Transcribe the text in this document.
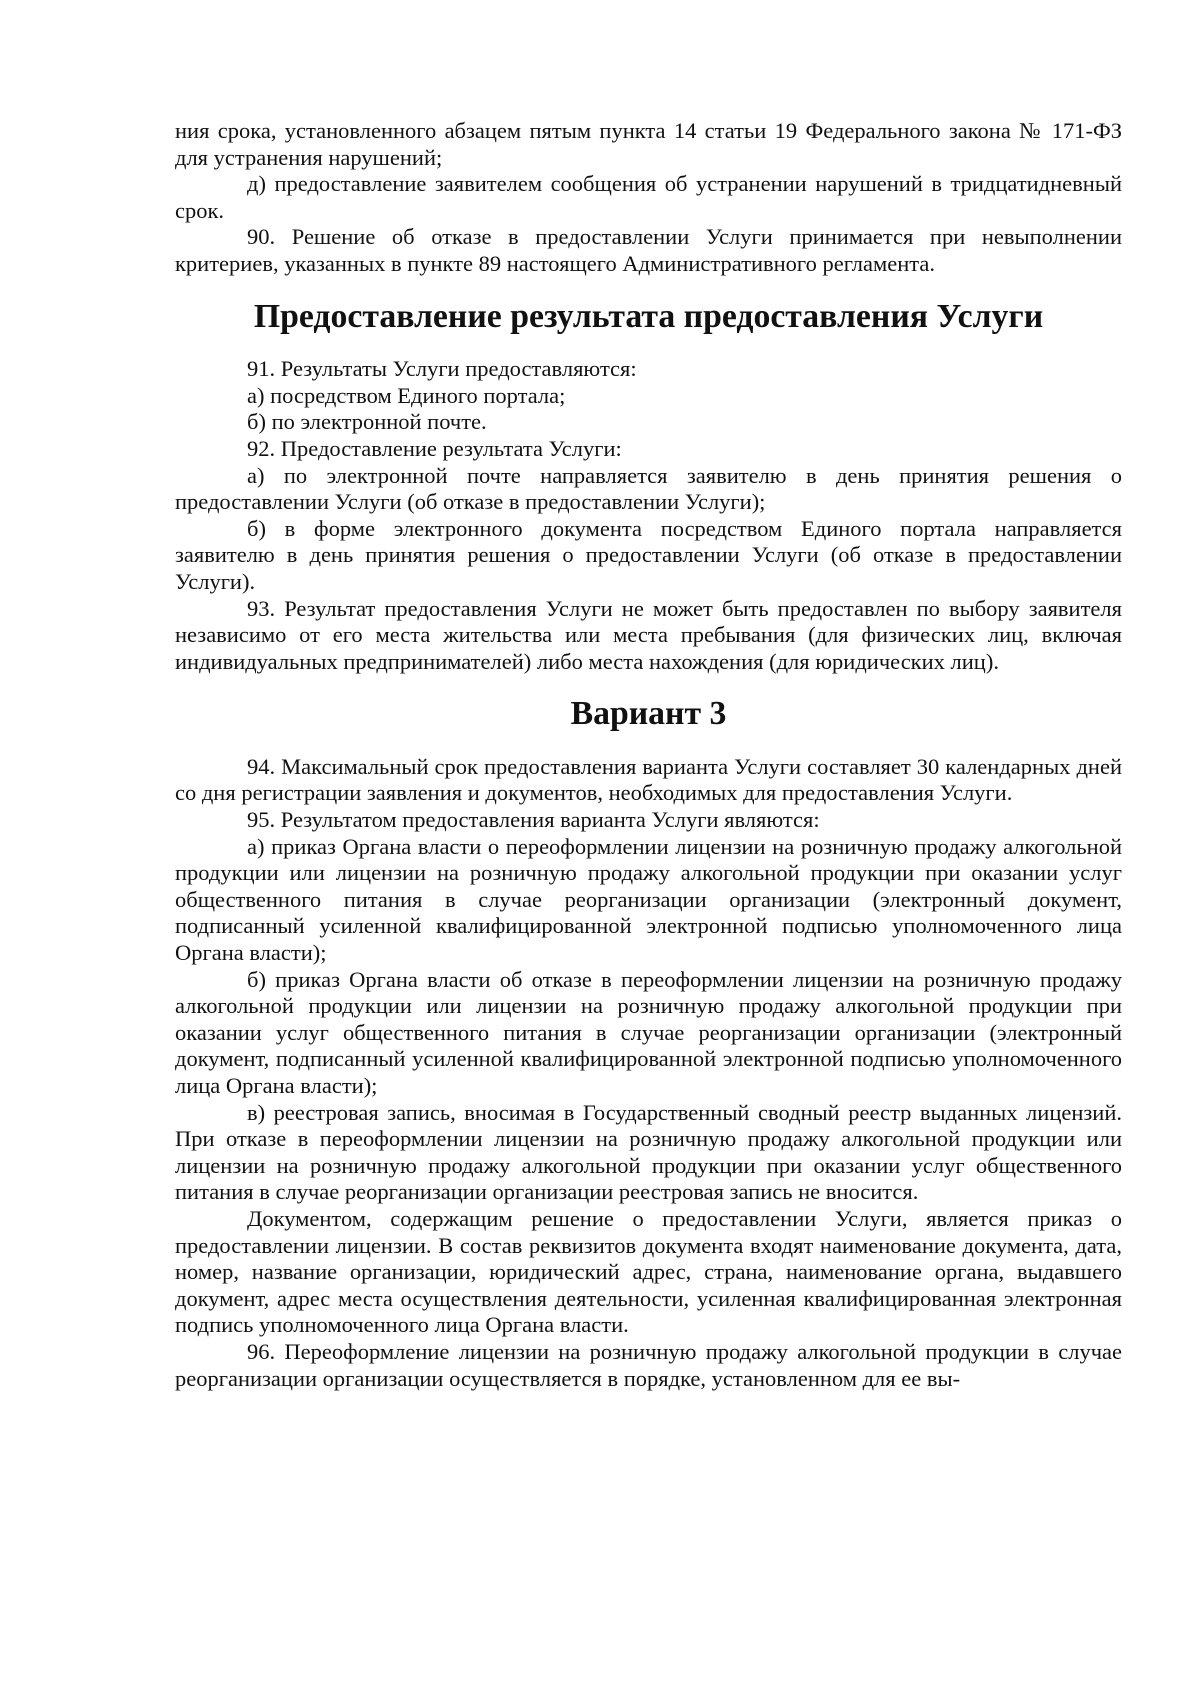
ния срока, установленного абзацем пятым пункта 14 статьи 19 Федерального закона № 171-ФЗ для устранения нарушений;

д) предоставление заявителем сообщения об устранении нарушений в тридцатидневный срок.

90. Решение об отказе в предоставлении Услуги принимается при невыполнении критериев, указанных в пункте 89 настоящего Административного регламента.

Предоставление результата предоставления Услуги

91. Результаты Услуги предоставляются:

а) посредством Единого портала;

б) по электронной почте.

92. Предоставление результата Услуги:

а) по электронной почте направляется заявителю в день принятия решения о предоставлении Услуги (об отказе в предоставлении Услуги);

б) в форме электронного документа посредством Единого портала направляется заявителю в день принятия решения о предоставлении Услуги (об отказе в предоставлении Услуги).

93. Результат предоставления Услуги не может быть предоставлен по выбору заявителя независимо от его места жительства или места пребывания (для физических лиц, включая индивидуальных предпринимателей) либо места нахождения (для юридических лиц).

Вариант 3

94. Максимальный срок предоставления варианта Услуги составляет 30 календарных дней со дня регистрации заявления и документов, необходимых для предоставления Услуги.

95. Результатом предоставления варианта Услуги являются:

а) приказ Органа власти о переоформлении лицензии на розничную продажу алкогольной продукции или лицензии на розничную продажу алкогольной продукции при оказании услуг общественного питания в случае реорганизации организации (электронный документ, подписанный усиленной квалифицированной электронной подписью уполномоченного лица Органа власти);

б) приказ Органа власти об отказе в переоформлении лицензии на розничную продажу алкогольной продукции или лицензии на розничную продажу алкогольной продукции при оказании услуг общественного питания в случае реорганизации организации (электронный документ, подписанный усиленной квалифицированной электронной подписью уполномоченного лица Органа власти);

в) реестровая запись, вносимая в Государственный сводный реестр выданных лицензий. При отказе в переоформлении лицензии на розничную продажу алкогольной продукции или лицензии на розничную продажу алкогольной продукции при оказании услуг общественного питания в случае реорганизации организации реестровая запись не вносится.

Документом, содержащим решение о предоставлении Услуги, является приказ о предоставлении лицензии. В состав реквизитов документа входят наименование документа, дата, номер, название организации, юридический адрес, страна, наименование органа, выдавшего документ, адрес места осуществления деятельности, усиленная квалифицированная электронная подпись уполномоченного лица Органа власти.

96. Переоформление лицензии на розничную продажу алкогольной продукции в случае реорганизации организации осуществляется в порядке, установленном для ее вы-
